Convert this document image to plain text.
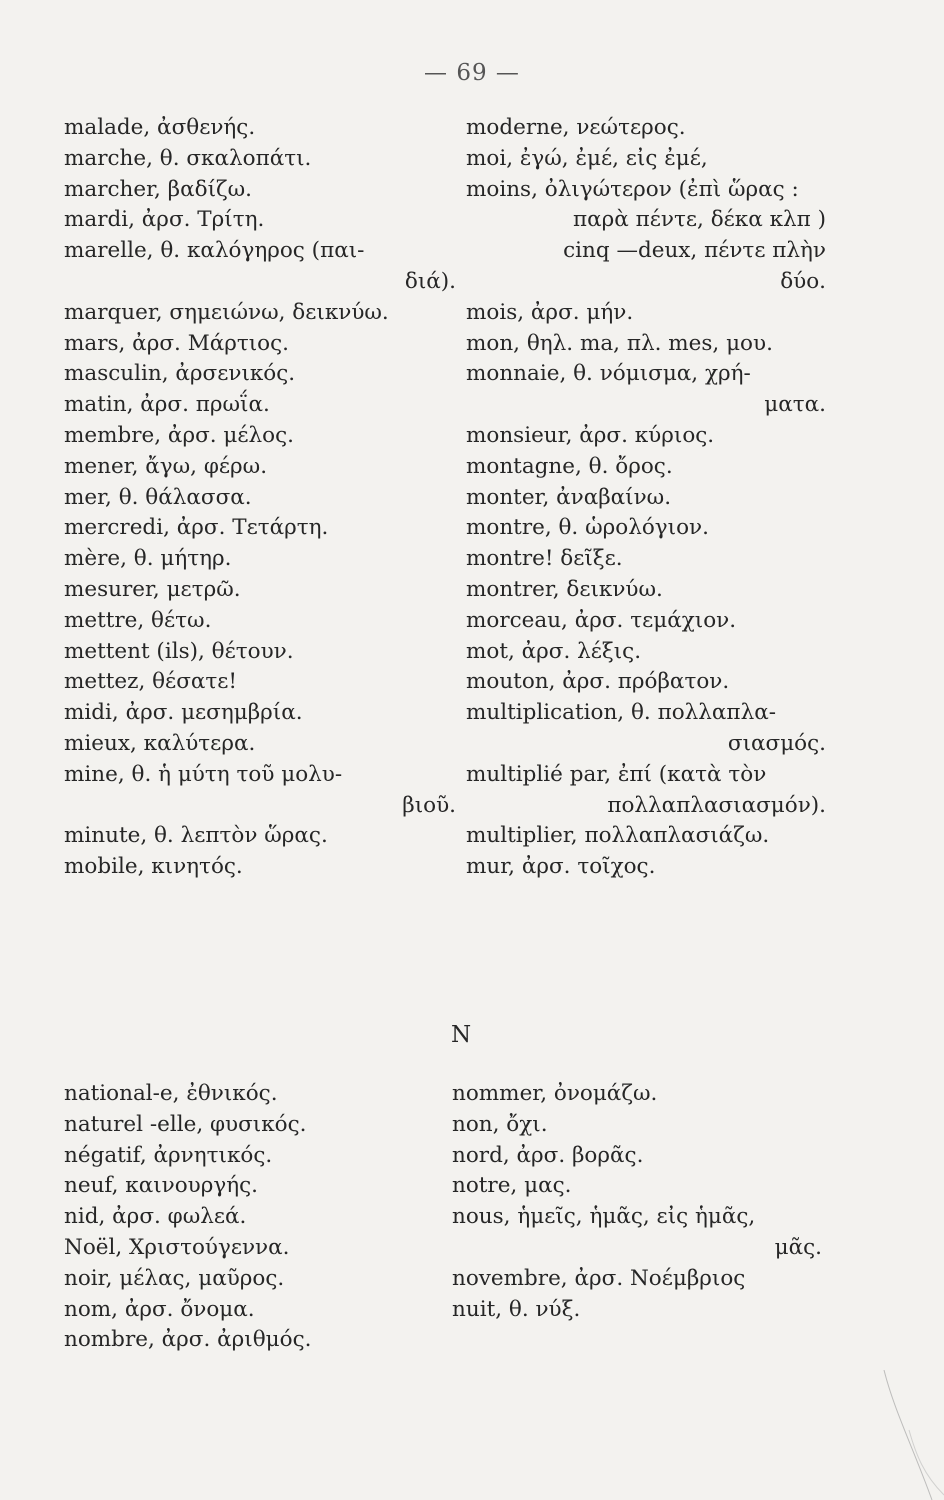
— 69 —

malade, ἀσθενής.

marche, θ. σκαλοπάτι.

marcher, βαδίζω.

mardi, ἀρσ. Τρίτη.

marelle, θ. καλόγηρος (παι-

διά).

marquer, σημειώνω, δεικνύω.

mars, ἀρσ. Μάρτιος.

masculin, ἀρσενικός.

matin, ἀρσ. πρωΐα.

membre, ἀρσ. μέλος.

mener, ἄγω, φέρω.

mer, θ. θάλασσα.

mercredi, ἀρσ. Τετάρτη.

mère, θ. μήτηρ.

mesurer, μετρῶ.

mettre, θέτω.

mettent (ils), θέτουν.

mettez, θέσατε!

midi, ἀρσ. μεσημβρία.

mieux, καλύτερα.

mine, θ. ἡ μύτη τοῦ μολυ-

βιοῦ.

minute, θ. λεπτὸν ὥρας.

mobile, κινητός.

moderne, νεώτερος.

moi, ἐγώ, ἐμέ, εἰς ἐμέ,

moins, ὀλιγώτερον (ἐπὶ ὥρας :

παρὰ πέντε, δέκα κλπ )

cinq —deux, πέντε πλὴν

δύο.

mois, ἀρσ. μήν.

mon, θηλ. ma, πλ. mes, μου.

monnaie, θ. νόμισμα, χρή-

ματα.

monsieur, ἀρσ. κύριος.

montagne, θ. ὄρος.

monter, ἀναβαίνω.

montre, θ. ὡρολόγιον.

montre! δεῖξε.

montrer, δεικνύω.

morceau, ἀρσ. τεμάχιον.

mot, ἀρσ. λέξις.

mouton, ἀρσ. πρόβατον.

multiplication, θ. πολλαπλα-

σιασμός.

multiplié par, ἐπί (κατὰ τὸν

πολλαπλασιασμόν).

multiplier, πολλαπλασιάζω.

mur, ἀρσ. τοῖχος.

N

national-e, ἐθνικός.

naturel -elle, φυσικός.

négatif, ἀρνητικός.

neuf, καινουργής.

nid, ἀρσ. φωλεά.

Noël, Χριστούγεννα.

noir, μέλας, μαῦρος.

nom, ἀρσ. ὄνομα.

nombre, ἀρσ. ἀριθμός.

nommer, ὀνομάζω.

non, ὄχι.

nord, ἀρσ. βορᾶς.

notre, μας.

nous, ἡμεῖς, ἡμᾶς, εἰς ἡμᾶς,

μᾶς.

novembre, ἀρσ. Νοέμβριος

nuit, θ. νύξ.
